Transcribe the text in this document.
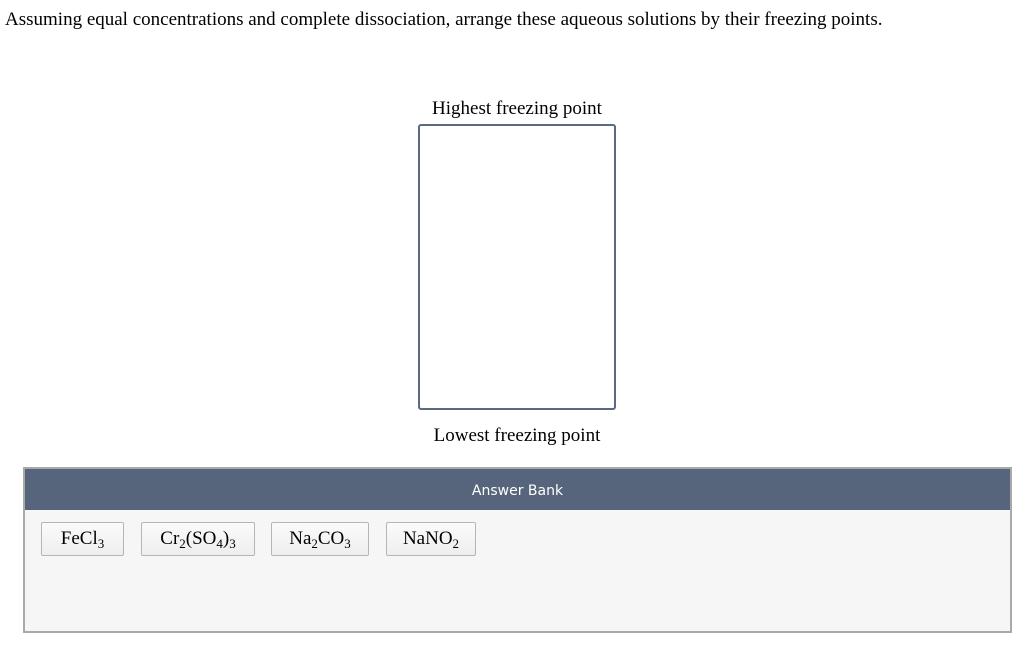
Assuming equal concentrations and complete dissociation, arrange these aqueous solutions by their freezing points.
Highest freezing point
Lowest freezing point
Answer Bank
FeCl$_3$	$Cr_2(SO_4)_3$	$Na_2CO_3$	NaNO$_2$
